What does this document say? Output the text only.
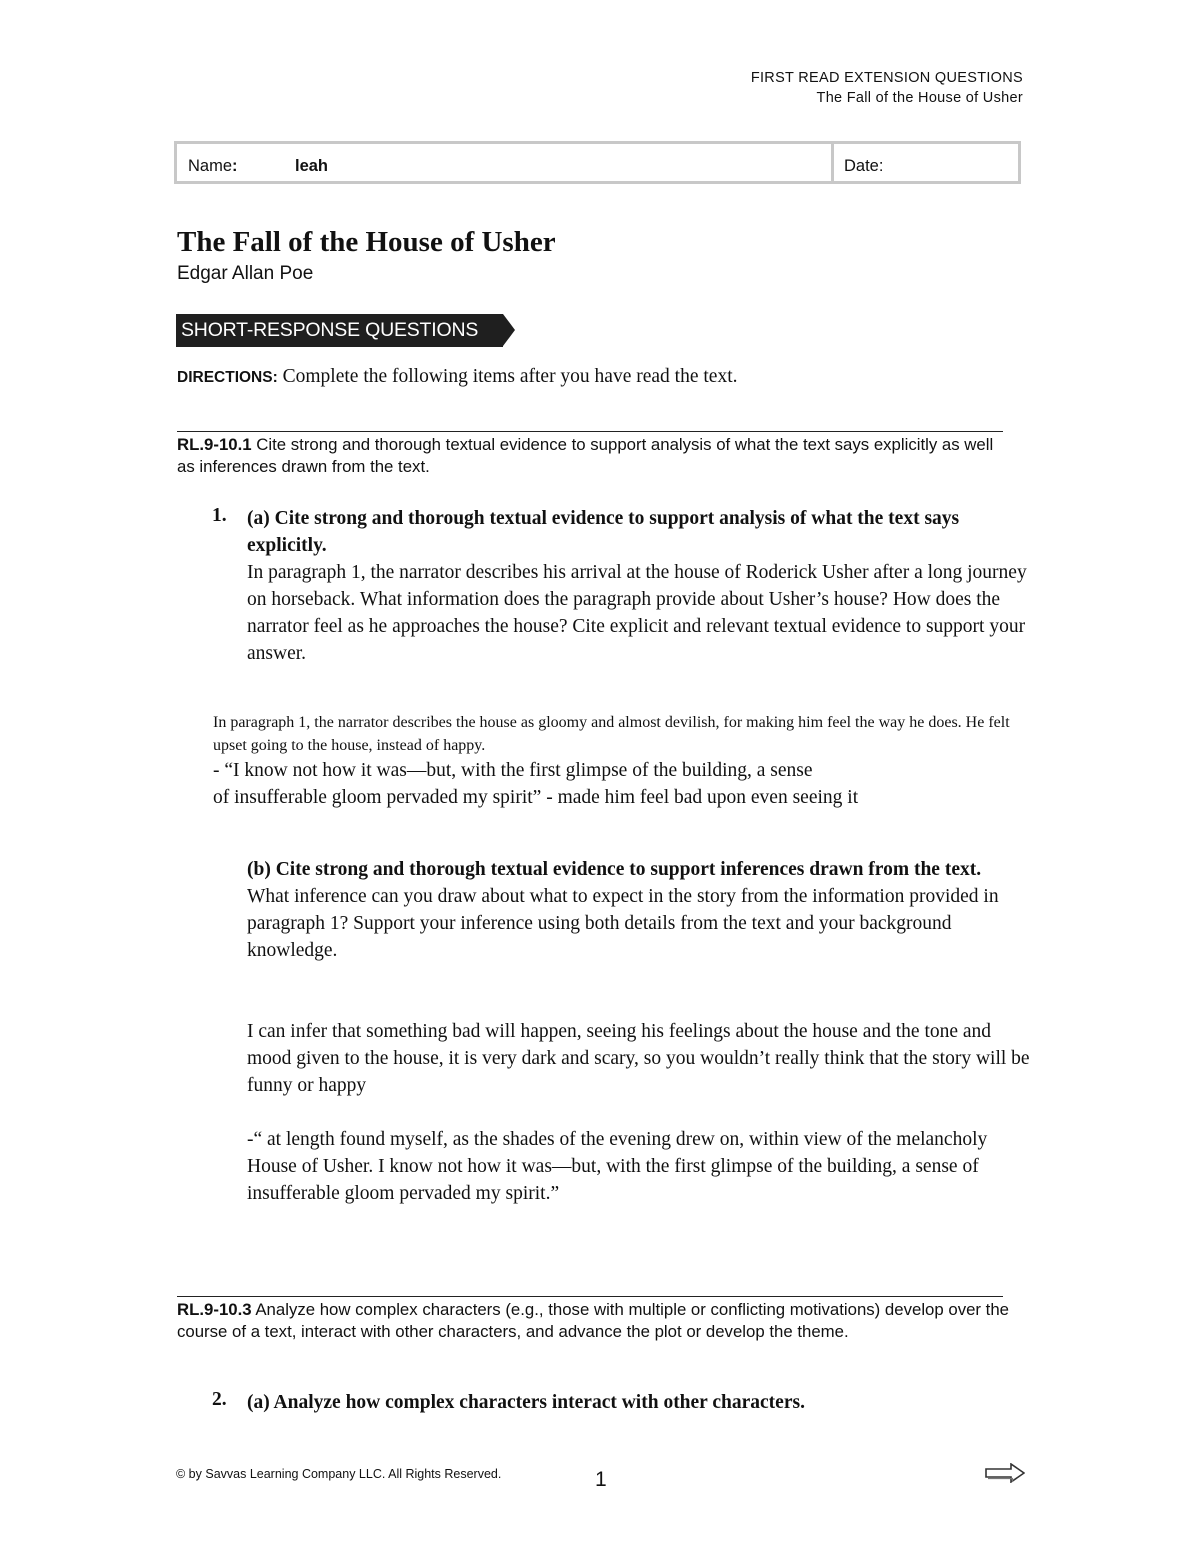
FIRST READ EXTENSION QUESTIONS
The Fall of the House of Usher
Name:	leah	Date:
The Fall of the House of Usher
Edgar Allan Poe
SHORT-RESPONSE QUESTIONS
DIRECTIONS: Complete the following items after you have read the text.
RL.9-10.1 Cite strong and thorough textual evidence to support analysis of what the text says explicitly as well as inferences drawn from the text.
1. (a) Cite strong and thorough textual evidence to support analysis of what the text says explicitly.
In paragraph 1, the narrator describes his arrival at the house of Roderick Usher after a long journey on horseback. What information does the paragraph provide about Usher’s house? How does the narrator feel as he approaches the house? Cite explicit and relevant textual evidence to support your answer.
In paragraph 1, the narrator describes the house as gloomy and almost devilish, for making him feel the way he does. He felt upset going to the house, instead of happy.
- “I know not how it was—but, with the first glimpse of the building, a sense
of insufferable gloom pervaded my spirit” - made him feel bad upon even seeing it
(b) Cite strong and thorough textual evidence to support inferences drawn from the text.
What inference can you draw about what to expect in the story from the information provided in paragraph 1? Support your inference using both details from the text and your background knowledge.
I can infer that something bad will happen, seeing his feelings about the house and the tone and mood given to the house, it is very dark and scary, so you wouldn’t really think that the story will be funny or happy
-“ at length found myself, as the shades of the evening drew on, within view of the melancholy House of Usher. I know not how it was—but, with the first glimpse of the building, a sense of insufferable gloom pervaded my spirit.”
RL.9-10.3 Analyze how complex characters (e.g., those with multiple or conflicting motivations) develop over the course of a text, interact with other characters, and advance the plot or develop the theme.
2. (a) Analyze how complex characters interact with other characters.
© by Savvas Learning Company LLC. All Rights Reserved.	1
